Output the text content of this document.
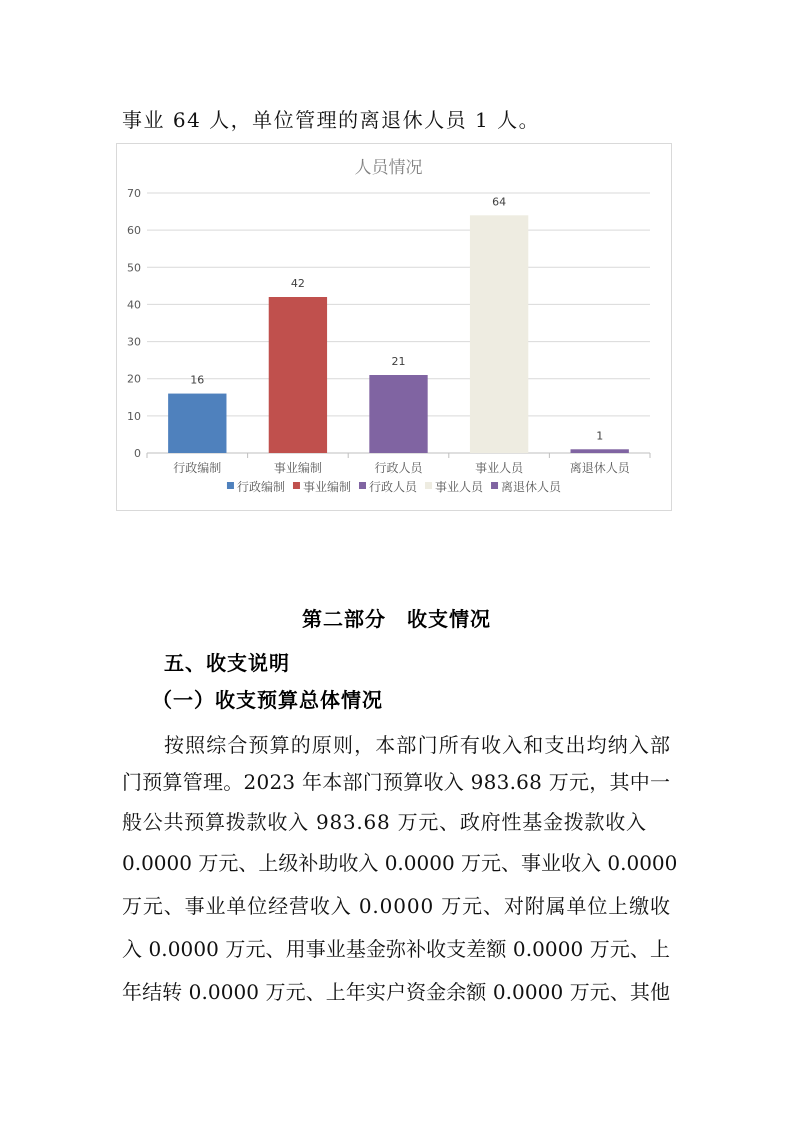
事业 64 人，单位管理的离退休人员 1 人。
人员情况
0
10
20
30
40
50
60
70
16
行政编制
42
事业编制
21
行政人员
64
事业人员
1
离退休人员
行政编制 事业编制 行政人员 事业人员 离退休人员
第二部分　收支情况
五、收支说明
（一）收支预算总体情况
按照综合预算的原则，本部门所有收入和支出均纳入部
门预算管理。2023 年本部门预算收入 983.68 万元，其中一
般公共预算拨款收入 983.68 万元、政府性基金拨款收入
0.0000 万元、上级补助收入 0.0000 万元、事业收入 0.0000
万元、事业单位经营收入 0.0000 万元、对附属单位上缴收
入 0.0000 万元、用事业基金弥补收支差额 0.0000 万元、上
年结转 0.0000 万元、上年实户资金余额 0.0000 万元、其他
